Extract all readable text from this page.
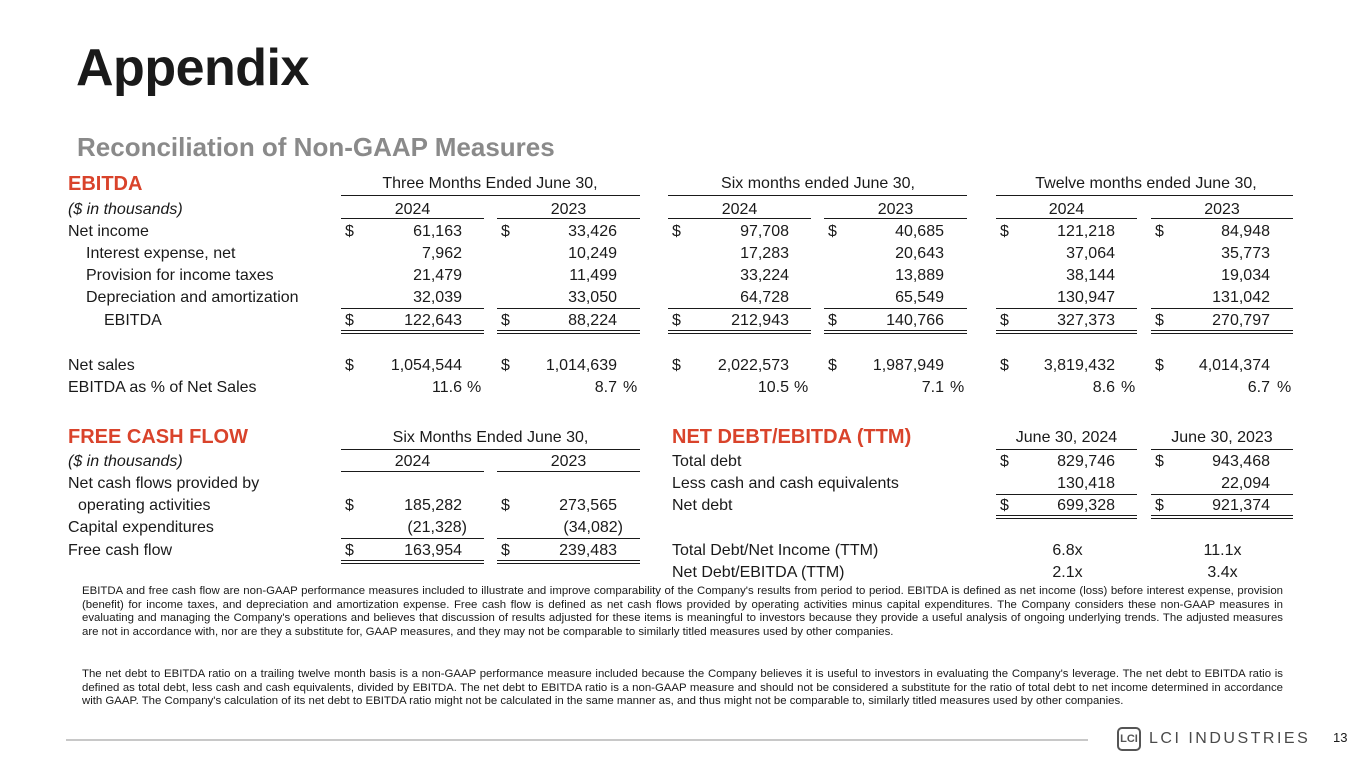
Appendix
Reconciliation of Non-GAAP Measures
EBITDA	Three Months Ended June 30,	Six months ended June 30,	Twelve months ended June 30,
($ in thousands)	2024	2023	2024	2023	2024	2023
Net income	$	61,163 $	33,426	$	97,708 $	40,685	$	121,218	$	84,948
Interest expense, net	7,962	10,249	17,283	20,643	37,064	35,773
Provision for income taxes	21,479	11,499	33,224	13,889	38,144	19,034
Depreciation and amortization	32,039	33,050	64,728	65,549	130,947	131,042
EBITDA	$	122,643 $	88,224	$	212,943 $	140,766	$	327,373	$	270,797
Net sales	$	1,054,544 $	1,014,639	$	2,022,573 $	1,987,949	$	3,819,432	$	4,014,374
EBITDA as % of Net Sales	11.6 %	8.7 %	10.5 %	7.1 %	8.6 %	6.7 %
FREE CASH FLOW	Six Months Ended June 30,
($ in thousands)	2024	2023
Net cash flows provided by
operating activities	$	185,282 $	273,565
Capital expenditures	(21,328)	(34,082)
Free cash flow	$	163,954 $	239,483
NET DEBT/EBITDA (TTM)	June 30, 2024	June 30, 2023
Total debt	$	829,746	$	943,468
Less cash and cash equivalents	130,418	22,094
Net debt	$	699,328	$	921,374
Total Debt/Net Income (TTM)	6.8x	11.1x
Net Debt/EBITDA (TTM)	2.1x	3.4x
EBITDA and free cash flow are non-GAAP performance measures included to illustrate and improve comparability of the Company's results from period to period. EBITDA is defined as net income (loss) before interest expense, provision (benefit) for income taxes, and depreciation and amortization expense. Free cash flow is defined as net cash flows provided by operating activities minus capital expenditures. The Company considers these non-GAAP measures in evaluating and managing the Company's operations and believes that discussion of results adjusted for these items is meaningful to investors because they provide a useful analysis of ongoing underlying trends. The adjusted measures are not in accordance with, nor are they a substitute for, GAAP measures, and they may not be comparable to similarly titled measures used by other companies.
The net debt to EBITDA ratio on a trailing twelve month basis is a non-GAAP performance measure included because the Company believes it is useful to investors in evaluating the Company's leverage. The net debt to EBITDA ratio is defined as total debt, less cash and cash equivalents, divided by EBITDA. The net debt to EBITDA ratio is a non-GAAP measure and should not be considered a substitute for the ratio of total debt to net income determined in accordance with GAAP. The Company's calculation of its net debt to EBITDA ratio might not be calculated in the same manner as, and thus might not be comparable to, similarly titled measures used by other companies.
LCI LCI INDUSTRIES 13
